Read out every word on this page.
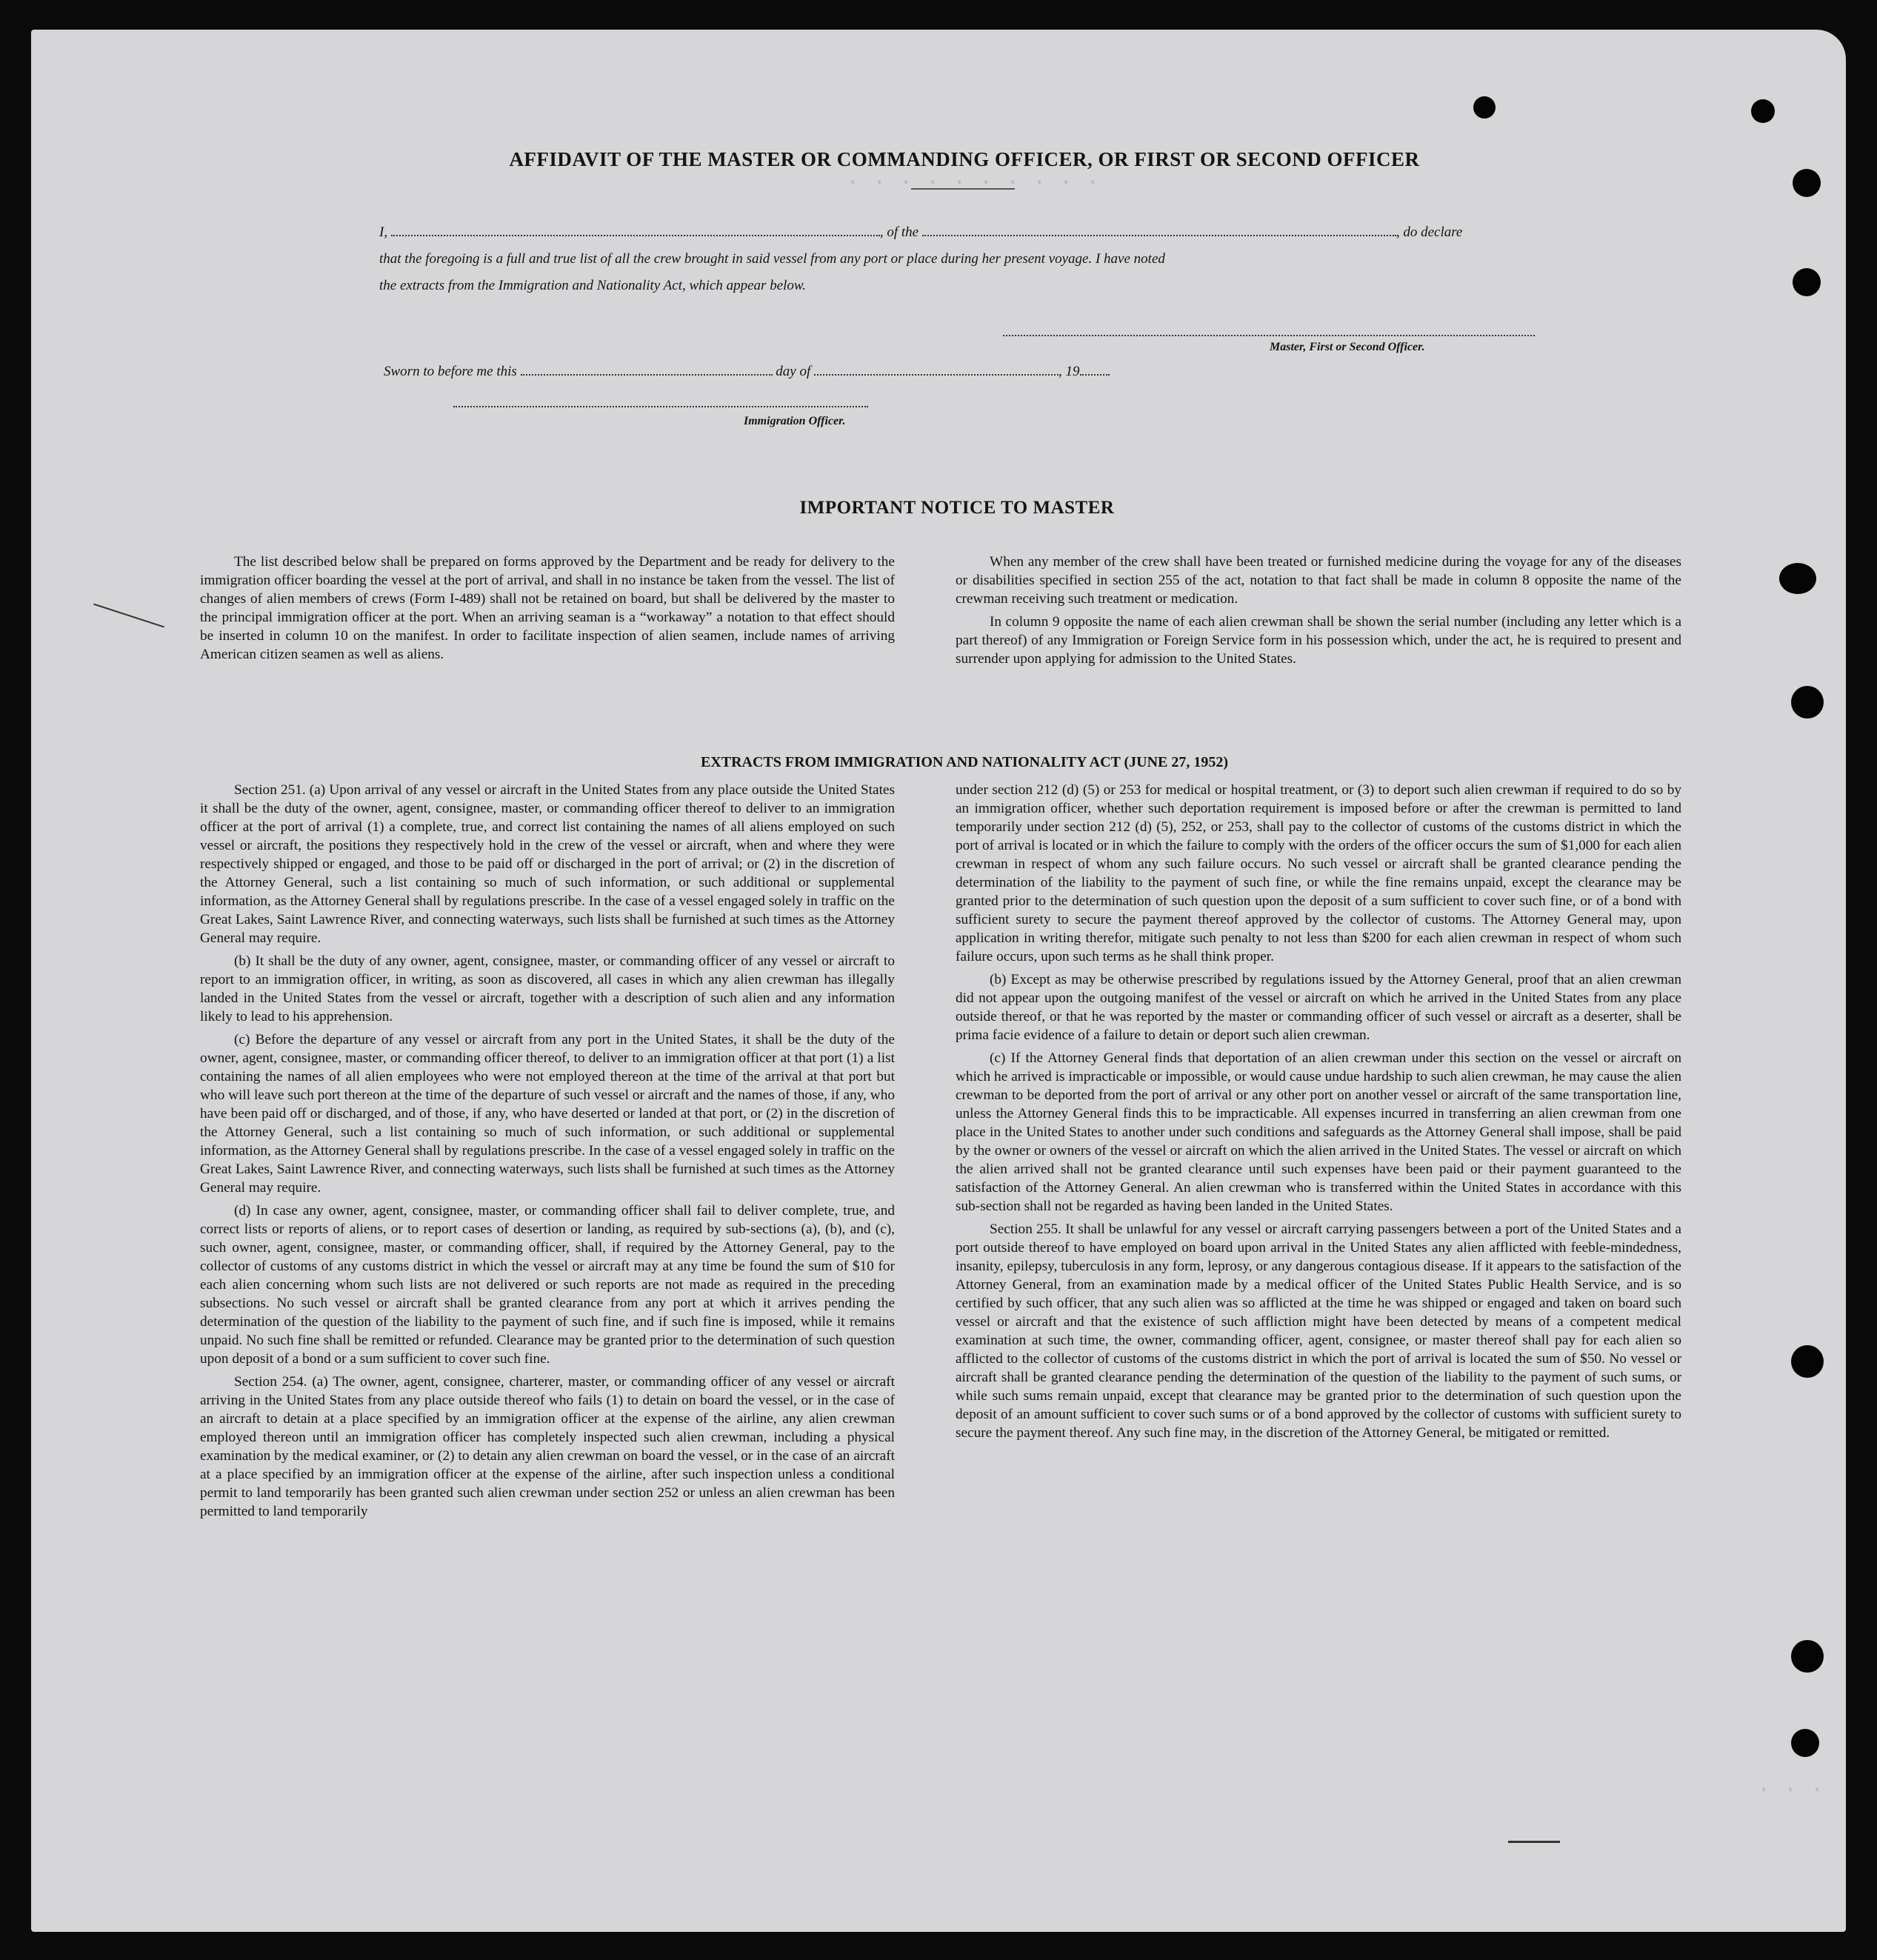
· · · · · · · · · ·
· · ·
AFFIDAVIT OF THE MASTER OR COMMANDING OFFICER, OR FIRST OR SECOND OFFICER
I,	, of the	, do declare
that the foregoing is a full and true list of all the crew brought in said vessel from any port or place during her present voyage. I have noted
the extracts from the Immigration and Nationality Act, which appear below.
Master, First or Second Officer.
Sworn to before me this	day of	, 19
Immigration Officer.
IMPORTANT NOTICE TO MASTER

The list described below shall be prepared on forms approved by the Department and be ready for delivery to the immigration officer boarding the vessel at the port of arrival, and shall in no instance be taken from the vessel. The list of changes of alien members of crews (Form I-489) shall not be retained on board, but shall be delivered by the master to the principal immigration officer at the port. When an arriving seaman is a “workaway” a notation to that effect should be inserted in column 10 on the manifest. In order to facilitate inspection of alien seamen, include names of arriving American citizen seamen as well as aliens.

When any member of the crew shall have been treated or furnished medicine during the voyage for any of the diseases or disabilities specified in section 255 of the act, notation to that fact shall be made in column 8 opposite the name of the crewman receiving such treatment or medication.

In column 9 opposite the name of each alien crewman shall be shown the serial number (including any letter which is a part thereof) of any Immigration or Foreign Service form in his possession which, under the act, he is required to present and surrender upon applying for admission to the United States.

EXTRACTS FROM IMMIGRATION AND NATIONALITY ACT (JUNE 27, 1952)

Section 251. (a) Upon arrival of any vessel or aircraft in the United States from any place outside the United States it shall be the duty of the owner, agent, consignee, master, or commanding officer thereof to deliver to an immigration officer at the port of arrival (1) a complete, true, and correct list containing the names of all aliens employed on such vessel or aircraft, the positions they respectively hold in the crew of the vessel or aircraft, when and where they were respectively shipped or engaged, and those to be paid off or discharged in the port of arrival; or (2) in the discretion of the Attorney General, such a list containing so much of such information, or such additional or supplemental information, as the Attorney General shall by regulations prescribe. In the case of a vessel engaged solely in traffic on the Great Lakes, Saint Lawrence River, and connecting waterways, such lists shall be furnished at such times as the Attorney General may require.

(b) It shall be the duty of any owner, agent, consignee, master, or commanding officer of any vessel or aircraft to report to an immigration officer, in writing, as soon as discovered, all cases in which any alien crewman has illegally landed in the United States from the vessel or aircraft, together with a description of such alien and any information likely to lead to his apprehension.

(c) Before the departure of any vessel or aircraft from any port in the United States, it shall be the duty of the owner, agent, consignee, master, or commanding officer thereof, to deliver to an immigration officer at that port (1) a list containing the names of all alien employees who were not employed thereon at the time of the arrival at that port but who will leave such port thereon at the time of the departure of such vessel or aircraft and the names of those, if any, who have been paid off or discharged, and of those, if any, who have deserted or landed at that port, or (2) in the discretion of the Attorney General, such a list containing so much of such information, or such additional or supplemental information, as the Attorney General shall by regulations prescribe. In the case of a vessel engaged solely in traffic on the Great Lakes, Saint Lawrence River, and connecting waterways, such lists shall be furnished at such times as the Attorney General may require.

(d) In case any owner, agent, consignee, master, or commanding officer shall fail to deliver complete, true, and correct lists or reports of aliens, or to report cases of desertion or landing, as required by sub-sections (a), (b), and (c), such owner, agent, consignee, master, or commanding officer, shall, if required by the Attorney General, pay to the collector of customs of any customs district in which the vessel or aircraft may at any time be found the sum of $10 for each alien concerning whom such lists are not delivered or such reports are not made as required in the preceding subsections. No such vessel or aircraft shall be granted clearance from any port at which it arrives pending the determination of the question of the liability to the payment of such fine, and if such fine is imposed, while it remains unpaid. No such fine shall be remitted or refunded. Clearance may be granted prior to the determination of such question upon deposit of a bond or a sum sufficient to cover such fine.

Section 254. (a) The owner, agent, consignee, charterer, master, or commanding officer of any vessel or aircraft arriving in the United States from any place outside thereof who fails (1) to detain on board the vessel, or in the case of an aircraft to detain at a place specified by an immigration officer at the expense of the airline, any alien crewman employed thereon until an immigration officer has completely inspected such alien crewman, including a physical examination by the medical examiner, or (2) to detain any alien crewman on board the vessel, or in the case of an aircraft at a place specified by an immigration officer at the expense of the airline, after such inspection unless a conditional permit to land temporarily has been granted such alien crewman under section 252 or unless an alien crewman has been permitted to land temporarily

under section 212 (d) (5) or 253 for medical or hospital treatment, or (3) to deport such alien crewman if required to do so by an immigration officer, whether such deportation requirement is imposed before or after the crewman is permitted to land temporarily under section 212 (d) (5), 252, or 253, shall pay to the collector of customs of the customs district in which the port of arrival is located or in which the failure to comply with the orders of the officer occurs the sum of $1,000 for each alien crewman in respect of whom any such failure occurs. No such vessel or aircraft shall be granted clearance pending the determination of the liability to the payment of such fine, or while the fine remains unpaid, except the clearance may be granted prior to the determination of such question upon the deposit of a sum sufficient to cover such fine, or of a bond with sufficient surety to secure the payment thereof approved by the collector of customs. The Attorney General may, upon application in writing therefor, mitigate such penalty to not less than $200 for each alien crewman in respect of whom such failure occurs, upon such terms as he shall think proper.

(b) Except as may be otherwise prescribed by regulations issued by the Attorney General, proof that an alien crewman did not appear upon the outgoing manifest of the vessel or aircraft on which he arrived in the United States from any place outside thereof, or that he was reported by the master or commanding officer of such vessel or aircraft as a deserter, shall be prima facie evidence of a failure to detain or deport such alien crewman.

(c) If the Attorney General finds that deportation of an alien crewman under this section on the vessel or aircraft on which he arrived is impracticable or impossible, or would cause undue hardship to such alien crewman, he may cause the alien crewman to be deported from the port of arrival or any other port on another vessel or aircraft of the same transportation line, unless the Attorney General finds this to be impracticable. All expenses incurred in transferring an alien crewman from one place in the United States to another under such conditions and safeguards as the Attorney General shall impose, shall be paid by the owner or owners of the vessel or aircraft on which the alien arrived in the United States. The vessel or aircraft on which the alien arrived shall not be granted clearance until such expenses have been paid or their payment guaranteed to the satisfaction of the Attorney General. An alien crewman who is transferred within the United States in accordance with this sub-section shall not be regarded as having been landed in the United States.

Section 255. It shall be unlawful for any vessel or aircraft carrying passengers between a port of the United States and a port outside thereof to have employed on board upon arrival in the United States any alien afflicted with feeble-mindedness, insanity, epilepsy, tuberculosis in any form, leprosy, or any dangerous contagious disease. If it appears to the satisfaction of the Attorney General, from an examination made by a medical officer of the United States Public Health Service, and is so certified by such officer, that any such alien was so afflicted at the time he was shipped or engaged and taken on board such vessel or aircraft and that the existence of such affliction might have been detected by means of a competent medical examination at such time, the owner, commanding officer, agent, consignee, or master thereof shall pay for each alien so afflicted to the collector of customs of the customs district in which the port of arrival is located the sum of $50. No vessel or aircraft shall be granted clearance pending the determination of the question of the liability to the payment of such sums, or while such sums remain unpaid, except that clearance may be granted prior to the determination of such question upon the deposit of an amount sufficient to cover such sums or of a bond approved by the collector of customs with sufficient surety to secure the payment thereof. Any such fine may, in the discretion of the Attorney General, be mitigated or remitted.
